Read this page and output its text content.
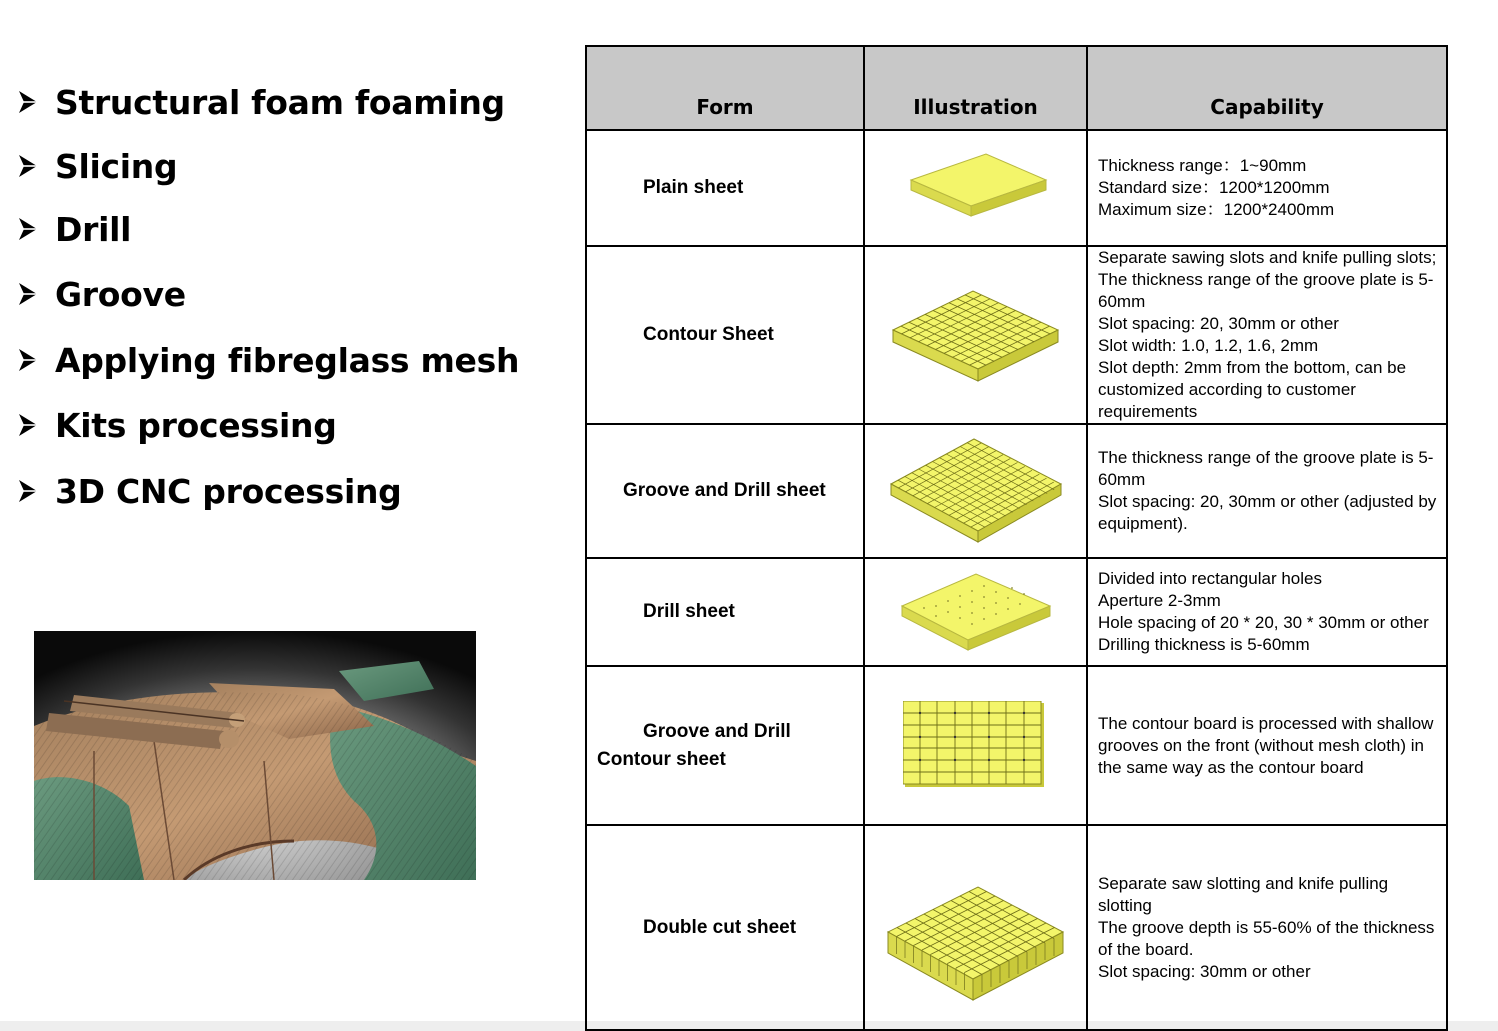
Structural foam foaming
Slicing
Drill
Groove
Applying fibreglass mesh
Kits processing
3D CNC processing
Form	Illustration	Capability

Plain sheet		Thickness range：1~90mm
Standard size：1200*1200mm
Maximum size：1200*2400mm

Contour Sheet		Separate sawing slots and knife pulling slots; The thickness range of the groove plate is 5-60mm
Slot spacing: 20, 30mm or other
Slot width: 1.0, 1.2, 1.6, 2mm
Slot depth: 2mm from the bottom, can be customized according to customer requirements

Groove and Drill sheet		The thickness range of the groove plate is 5-60mm
Slot spacing: 20, 30mm or other (adjusted by equipment).

Drill sheet		Divided into rectangular holes
Aperture 2-3mm
Hole spacing of 20 * 20, 30 * 30mm or other
Drilling thickness is 5-60mm

Groove and Drill
Contour sheet		The contour board is processed with shallow grooves on the front (without mesh cloth) in the same way as the contour board

Double cut sheet		Separate saw slotting and knife pulling slotting
The groove depth is 55-60% of the thickness of the board.
Slot spacing: 30mm or other
